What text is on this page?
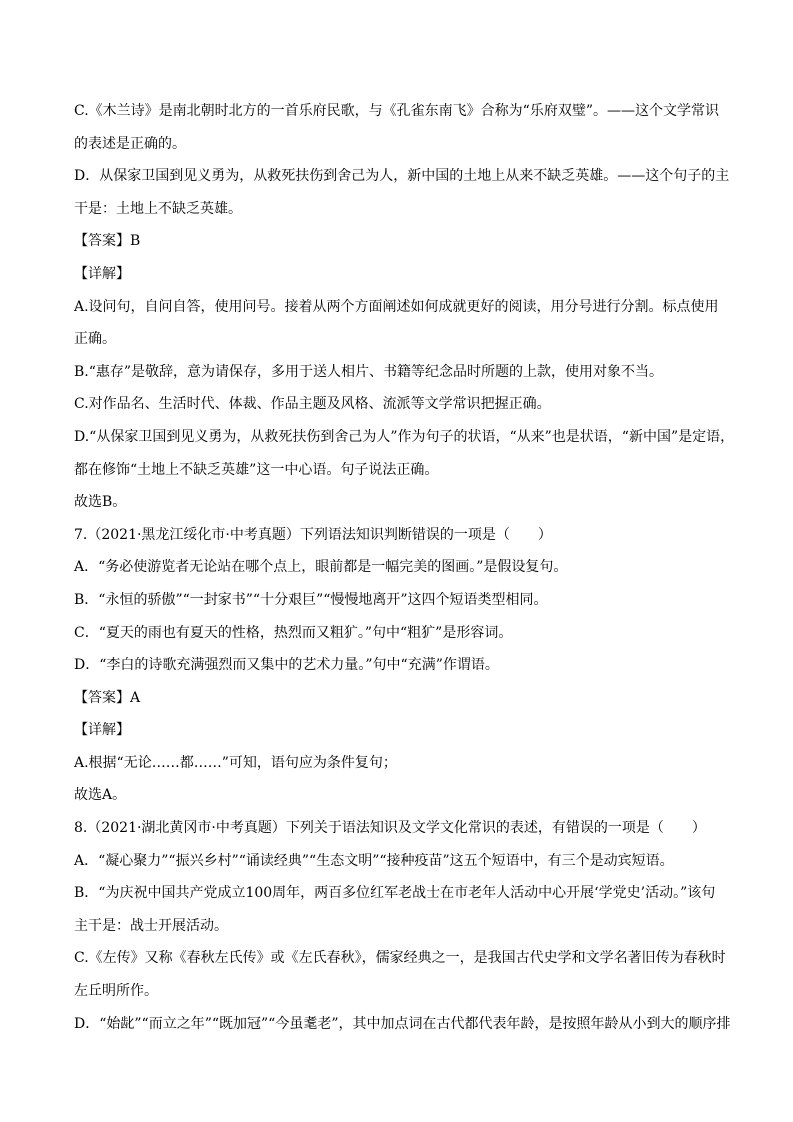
C.《木兰诗》是南北朝时北方的一首乐府民歌，与《孔雀东南飞》合称为“乐府双璧”。——这个文学常识

的表述是正确的。

D．从保家卫国到见义勇为，从救死扶伤到舍己为人，新中国的土地上从来不缺乏英雄。——这个句子的主

干是：土地上不缺乏英雄。

【答案】B

【详解】

A.设问句，自问自答，使用问号。接着从两个方面阐述如何成就更好的阅读，用分号进行分割。标点使用

正确。

B.“惠存”是敬辞，意为请保存，多用于送人相片、书籍等纪念品时所题的上款，使用对象不当。

C.对作品名、生活时代、体裁、作品主题及风格、流派等文学常识把握正确。

D.“从保家卫国到见义勇为，从救死扶伤到舍己为人”作为句子的状语，“从来”也是状语，“新中国”是定语，

都在修饰“土地上不缺乏英雄”这一中心语。句子说法正确。

故选B。

7.（2021·黑龙江绥化市·中考真题）下列语法知识判断错误的一项是（　　）

A．“务必使游览者无论站在哪个点上，眼前都是一幅完美的图画。”是假设复句。

B．“永恒的骄傲”“一封家书”“十分艰巨”“慢慢地离开”这四个短语类型相同。

C．“夏天的雨也有夏天的性格，热烈而又粗犷。”句中“粗犷”是形容词。

D．“李白的诗歌充满强烈而又集中的艺术力量。”句中“充满”作谓语。

【答案】A

【详解】

A.根据“无论……都……”可知，语句应为条件复句；

故选A。

8.（2021·湖北黄冈市·中考真题）下列关于语法知识及文学文化常识的表述，有错误的一项是（　　）

A．“凝心聚力”“振兴乡村”“诵读经典”“生态文明”“接种疫苗”这五个短语中，有三个是动宾短语。

B．“为庆祝中国共产党成立100周年，两百多位红军老战士在市老年人活动中心开展‘学党史’活动。”该句

主干是：战士开展活动。

C.《左传》又称《春秋左氏传》或《左氏春秋》，儒家经典之一，是我国古代史学和文学名著旧传为春秋时

左丘明所作。

D．“始龀”“而立之年”“既加冠”“今虽耄老”，其中加点词在古代都代表年龄，是按照年龄从小到大的顺序排
